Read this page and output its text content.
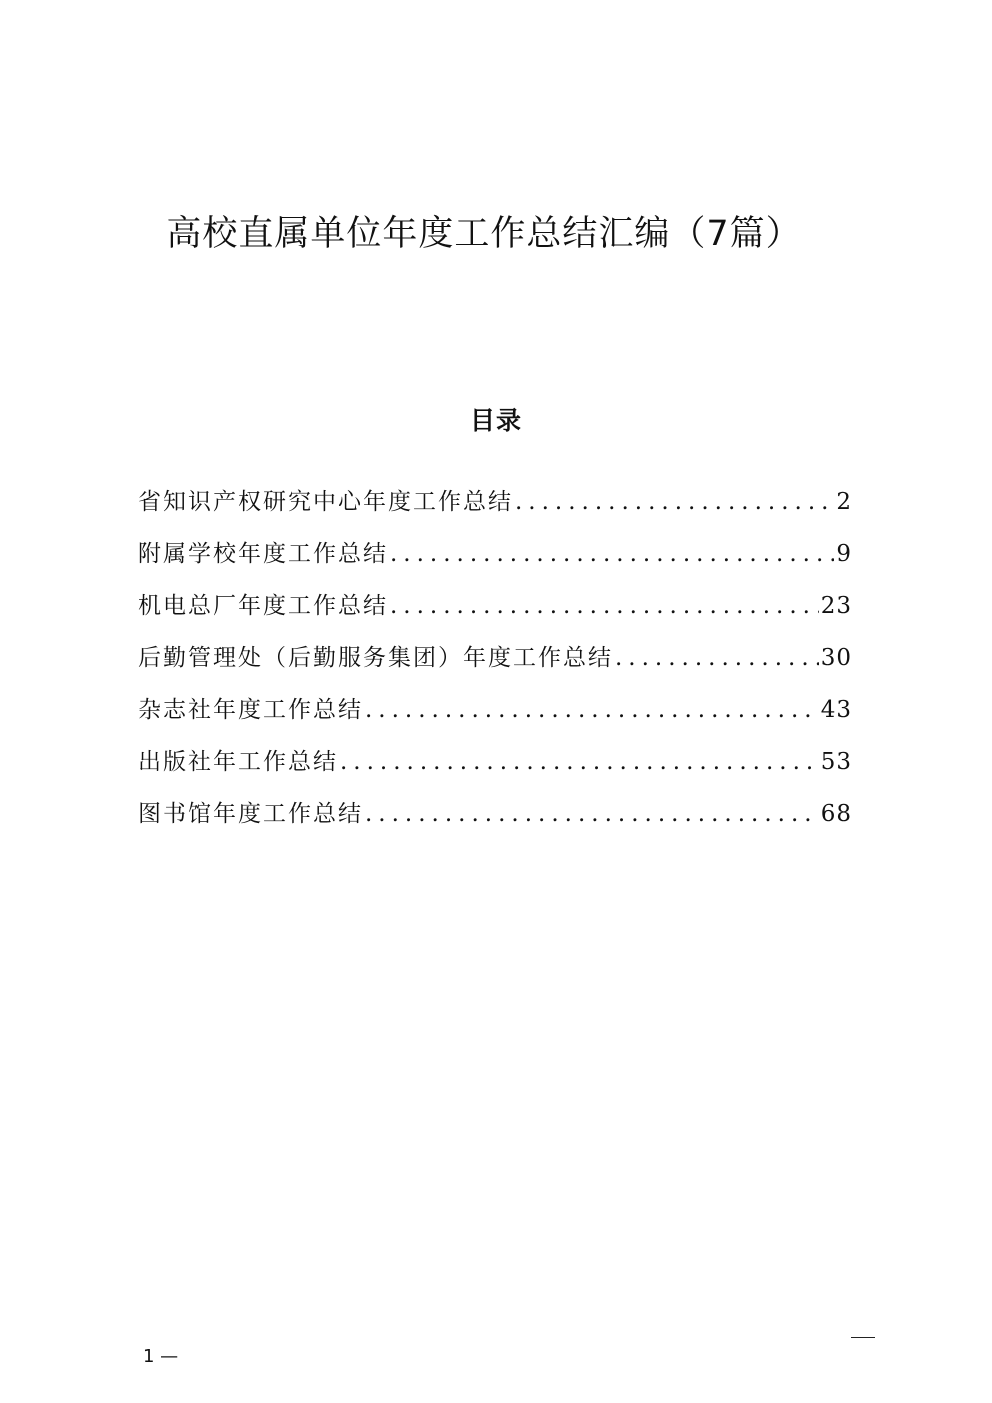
高校直属单位年度工作总结汇编（7篇）
目录
省知识产权研究中心年度工作总结 .....	2
附属学校年度工作总结 .....	9
机电总厂年度工作总结 .....	23
后勤管理处（后勤服务集团）年度工作总结 .....	30
杂志社年度工作总结 .....	43
出版社年工作总结 .....	53
图书馆年度工作总结 .....	68
1 —
